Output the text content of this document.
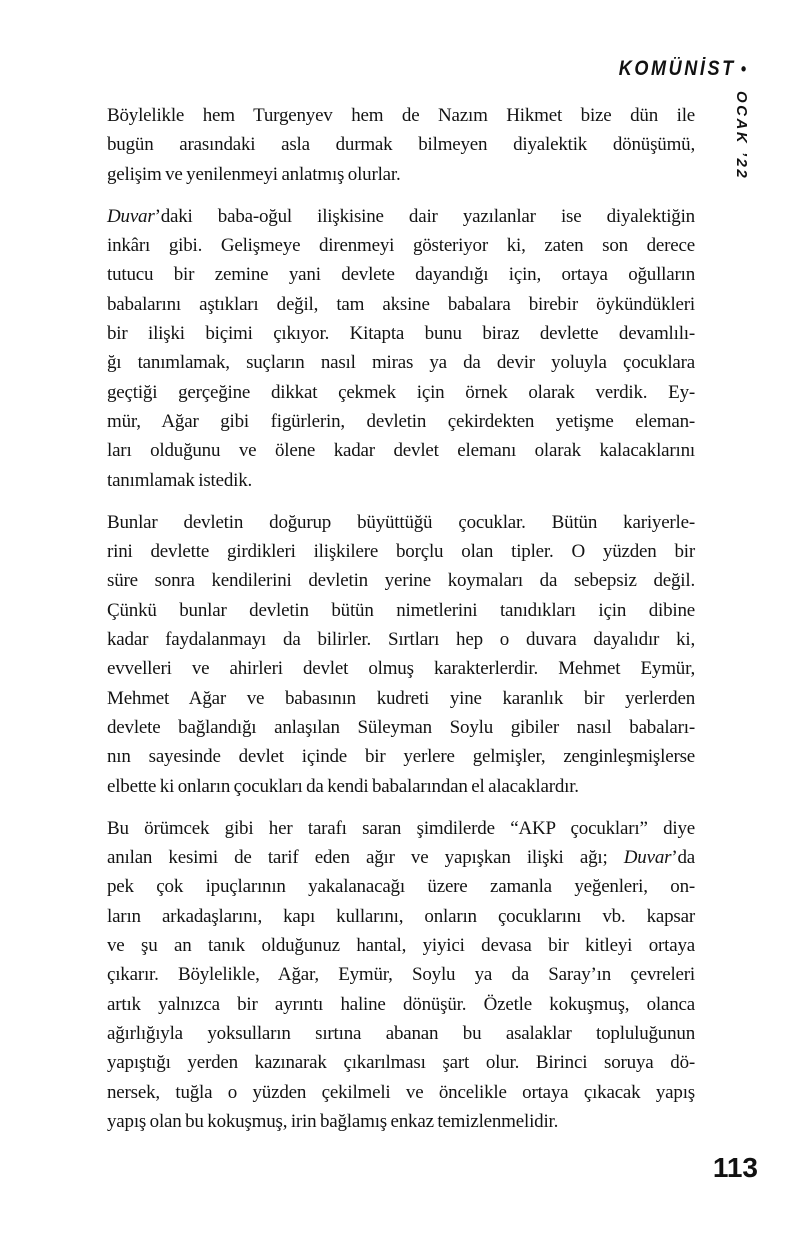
KOMÜNİST •
OCAK ’22
Böylelikle hem Turgenyev hem de Nazım Hikmet bize dün ile
bugün arasındaki asla durmak bilmeyen diyalektik dönüşümü,
gelişim ve yenilenmeyi anlatmış olurlar.
Duvar’daki baba-oğul ilişkisine dair yazılanlar ise diyalektiğin
inkârı gibi. Gelişmeye direnmeyi gösteriyor ki, zaten son derece
tutucu bir zemine yani devlete dayandığı için, ortaya oğulların
babalarını aştıkları değil, tam aksine babalara birebir öykündükleri
bir ilişki biçimi çıkıyor. Kitapta bunu biraz devlette devamlılı-
ğı tanımlamak, suçların nasıl miras ya da devir yoluyla çocuklara
geçtiği gerçeğine dikkat çekmek için örnek olarak verdik. Ey-
mür, Ağar gibi figürlerin, devletin çekirdekten yetişme eleman-
ları olduğunu ve ölene kadar devlet elemanı olarak kalacaklarını
tanımlamak istedik.
Bunlar devletin doğurup büyüttüğü çocuklar. Bütün kariyerle-
rini devlette girdikleri ilişkilere borçlu olan tipler. O yüzden bir
süre sonra kendilerini devletin yerine koymaları da sebepsiz değil.
Çünkü bunlar devletin bütün nimetlerini tanıdıkları için dibine
kadar faydalanmayı da bilirler. Sırtları hep o duvara dayalıdır ki,
evvelleri ve ahirleri devlet olmuş karakterlerdir. Mehmet Eymür,
Mehmet Ağar ve babasının kudreti yine karanlık bir yerlerden
devlete bağlandığı anlaşılan Süleyman Soylu gibiler nasıl babaları-
nın sayesinde devlet içinde bir yerlere gelmişler, zenginleşmişlerse
elbette ki onların çocukları da kendi babalarından el alacaklardır.
Bu örümcek gibi her tarafı saran şimdilerde “AKP çocukları” diye
anılan kesimi de tarif eden ağır ve yapışkan ilişki ağı; Duvar’da
pek çok ipuçlarının yakalanacağı üzere zamanla yeğenleri, on-
ların arkadaşlarını, kapı kullarını, onların çocuklarını vb. kapsar
ve şu an tanık olduğunuz hantal, yiyici devasa bir kitleyi ortaya
çıkarır. Böylelikle, Ağar, Eymür, Soylu ya da Saray’ın çevreleri
artık yalnızca bir ayrıntı haline dönüşür. Özetle kokuşmuş, olanca
ağırlığıyla yoksulların sırtına abanan bu asalaklar topluluğunun
yapıştığı yerden kazınarak çıkarılması şart olur. Birinci soruya dö-
nersek, tuğla o yüzden çekilmeli ve öncelikle ortaya çıkacak yapış
yapış olan bu kokuşmuş, irin bağlamış enkaz temizlenmelidir.
113
